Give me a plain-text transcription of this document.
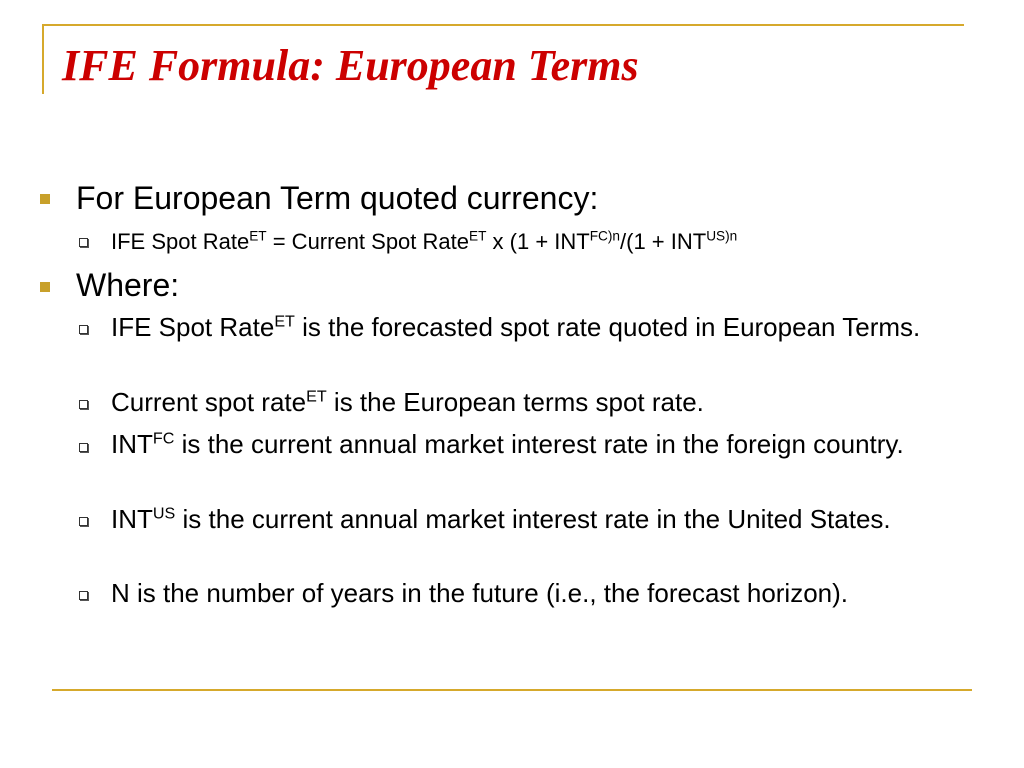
IFE Formula: European Terms
For European Term quoted currency:
IFE Spot Rate$^{ET}$ = Current Spot Rate$^{ET}$ x ($1 + INT^{FC)n}/(1 + INT^{US)n}$
Where:
IFE Spot Rate$^{ET}$ is the forecasted spot rate quoted in European Terms.
Current spot rate$^{ET}$ is the European terms spot rate.
$INT^{FC}$ is the current annual market interest rate in the foreign country.
$INT^{US}$ is the current annual market interest rate in the United States.
N is the number of years in the future (i.e., the forecast horizon).
